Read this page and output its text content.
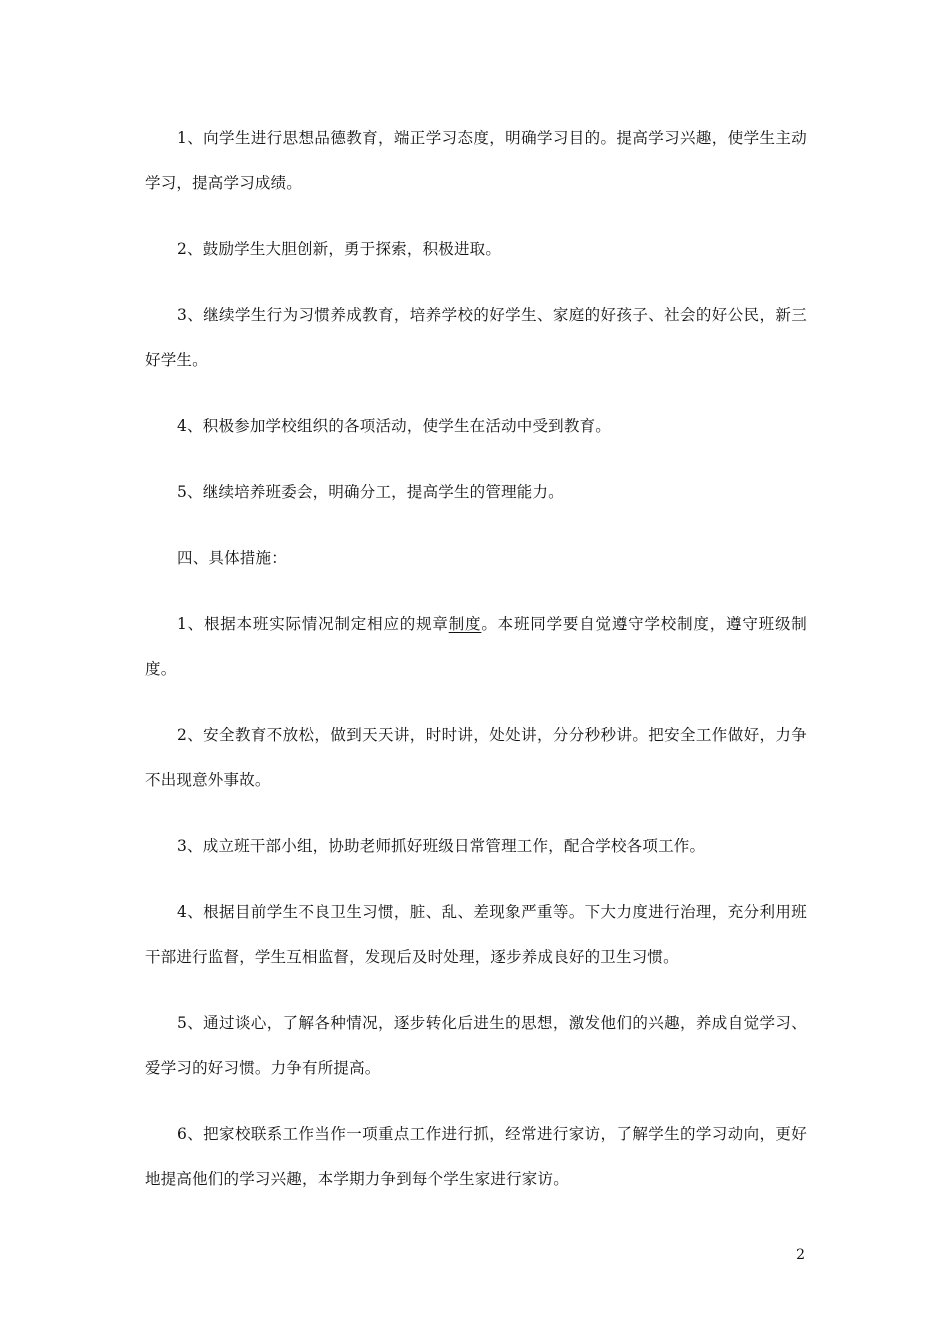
1、向学生进行思想品德教育，端正学习态度，明确学习目的。提高学习兴趣，使学生主动学习，提高学习成绩。

2、鼓励学生大胆创新，勇于探索，积极进取。

3、继续学生行为习惯养成教育，培养学校的好学生、家庭的好孩子、社会的好公民，新三好学生。

4、积极参加学校组织的各项活动，使学生在活动中受到教育。

5、继续培养班委会，明确分工，提高学生的管理能力。

四、具体措施：

1、根据本班实际情况制定相应的规章制度。本班同学要自觉遵守学校制度，遵守班级制度。

2、安全教育不放松，做到天天讲，时时讲，处处讲，分分秒秒讲。把安全工作做好，力争不出现意外事故。

3、成立班干部小组，协助老师抓好班级日常管理工作，配合学校各项工作。

4、根据目前学生不良卫生习惯，脏、乱、差现象严重等。下大力度进行治理，充分利用班干部进行监督，学生互相监督，发现后及时处理，逐步养成良好的卫生习惯。

5、通过谈心，了解各种情况，逐步转化后进生的思想，激发他们的兴趣，养成自觉学习、爱学习的好习惯。力争有所提高。

6、把家校联系工作当作一项重点工作进行抓，经常进行家访，了解学生的学习动向，更好地提高他们的学习兴趣，本学期力争到每个学生家进行家访。

2
